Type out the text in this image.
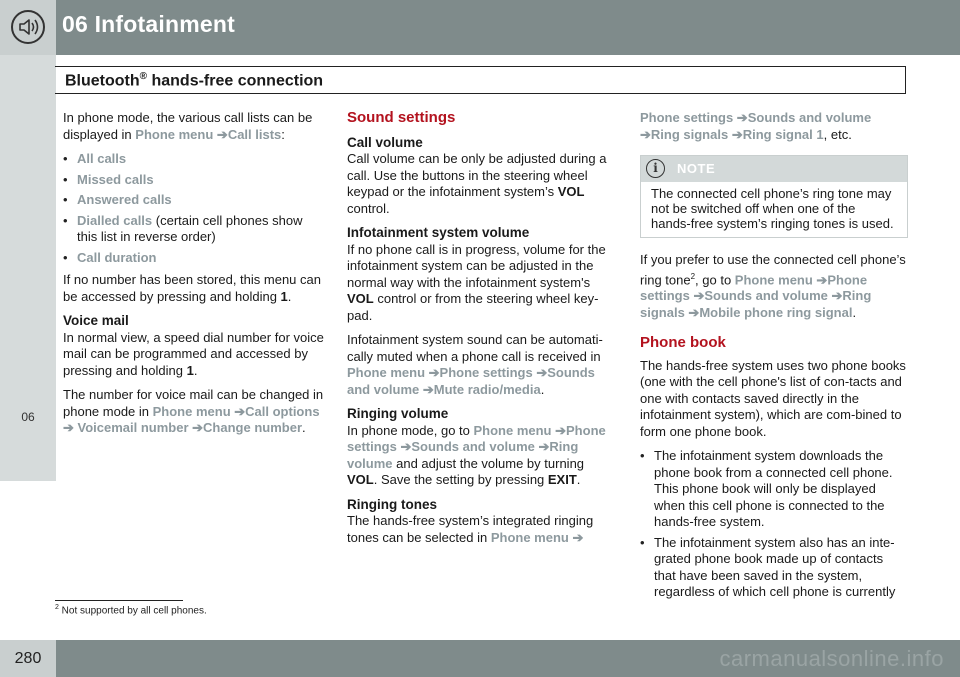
06 Infotainment
06
Bluetooth® hands-free connection

In phone mode, the various call lists can be displayed in Phone menu ➔Call lists:

• All calls
• Missed calls
• Answered calls
• Dialled calls (certain cell phones show this list in reverse order)
• Call duration

If no number has been stored, this menu can be accessed by pressing and holding 1.

Voice mail

In normal view, a speed dial number for voice mail can be programmed and accessed by pressing and holding 1.

The number for voice mail can be changed in phone mode in Phone menu ➔Call options ➔ Voicemail number ➔Change number.

Sound settings
Call volume

Call volume can be only be adjusted during a call. Use the buttons in the steering wheel keypad or the infotainment system’s VOL control.

Infotainment system volume

If no phone call is in progress, volume for the infotainment system can be adjusted in the normal way with the infotainment system's VOL control or from the steering wheel key-pad.

Infotainment system sound can be automati-cally muted when a phone call is received in Phone menu ➔Phone settings ➔Sounds and volume ➔Mute radio/media.

Ringing volume

In phone mode, go to Phone menu ➔Phone settings ➔Sounds and volume ➔Ring volume and adjust the volume by turning VOL. Save the setting by pressing EXIT.

Ringing tones

The hands-free system’s integrated ringing tones can be selected in Phone menu ➔

Phone settings ➔Sounds and volume ➔Ring signals ➔Ring signal 1, etc.

i	NOTE
The connected cell phone’s ring tone may not be switched off when one of the hands-free system’s ringing tones is used.

If you prefer to use the connected cell phone’s ring tone$^2$, go to Phone menu ➔Phone settings ➔Sounds and volume ➔Ring signals ➔Mobile phone ring signal.

Phone book

The hands-free system uses two phone books (one with the cell phone's list of con-tacts and one with contacts saved directly in the infotainment system), which are com-bined to form one phone book.

• The infotainment system downloads the phone book from a connected cell phone. This phone book will only be displayed when this cell phone is connected to the hands-free system.
• The infotainment system also has an inte-grated phone book made up of contacts that have been saved in the system, regardless of which cell phone is currently
$^2$ Not supported by all cell phones.
280	carmanualsonline.info
